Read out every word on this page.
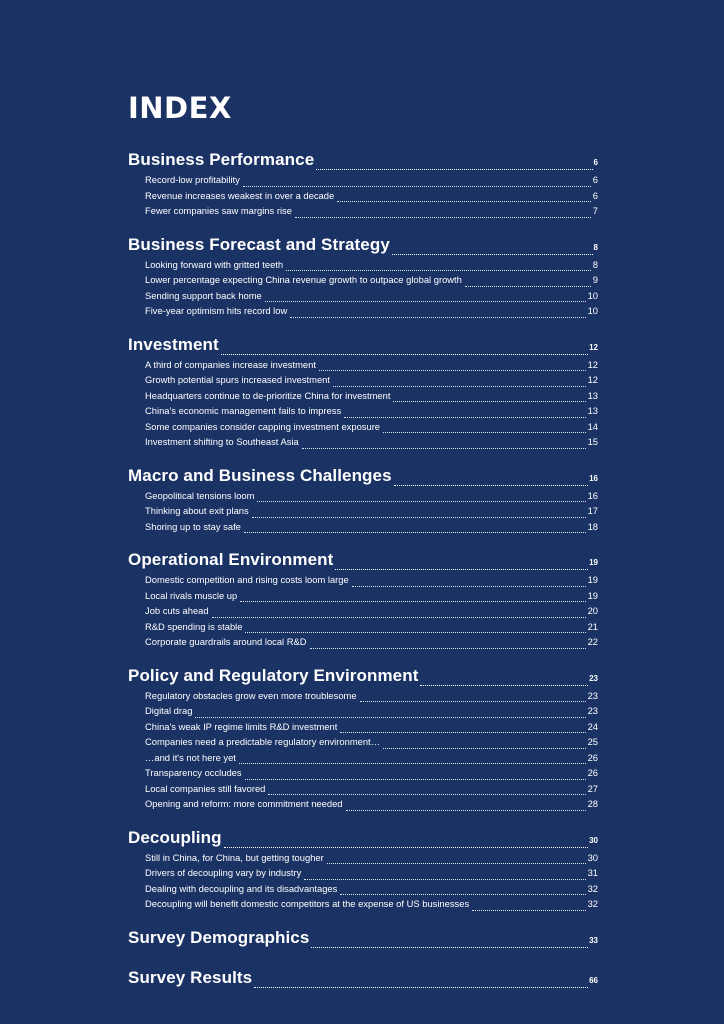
INDEX
Business Performance	6
Record-low profitability	6
Revenue increases weakest in over a decade	6
Fewer companies saw margins rise	7
Business Forecast and Strategy	8
Looking forward with gritted teeth	8
Lower percentage expecting China revenue growth to outpace global growth	9
Sending support back home	10
Five-year optimism hits record low	10
Investment	12
A third of companies increase investment	12
Growth potential spurs increased investment	12
Headquarters continue to de-prioritize China for investment	13
China's economic management fails to impress	13
Some companies consider capping investment exposure	14
Investment shifting to Southeast Asia	15
Macro and Business Challenges	16
Geopolitical tensions loom	16
Thinking about exit plans	17
Shoring up to stay safe	18
Operational Environment	19
Domestic competition and rising costs loom large	19
Local rivals muscle up	19
Job cuts ahead	20
R&D spending is stable	21
Corporate guardrails around local R&D	22
Policy and Regulatory Environment	23
Regulatory obstacles grow even more troublesome	23
Digital drag	23
China's weak IP regime limits R&D investment	24
Companies need a predictable regulatory environment…	25
…and it's not here yet	26
Transparency occludes	26
Local companies still favored	27
Opening and reform: more commitment needed	28
Decoupling	30
Still in China, for China, but getting tougher	30
Drivers of decoupling vary by industry	31
Dealing with decoupling and its disadvantages	32
Decoupling will benefit domestic competitors at the expense of US businesses	32
Survey Demographics	33
Survey Results	66
